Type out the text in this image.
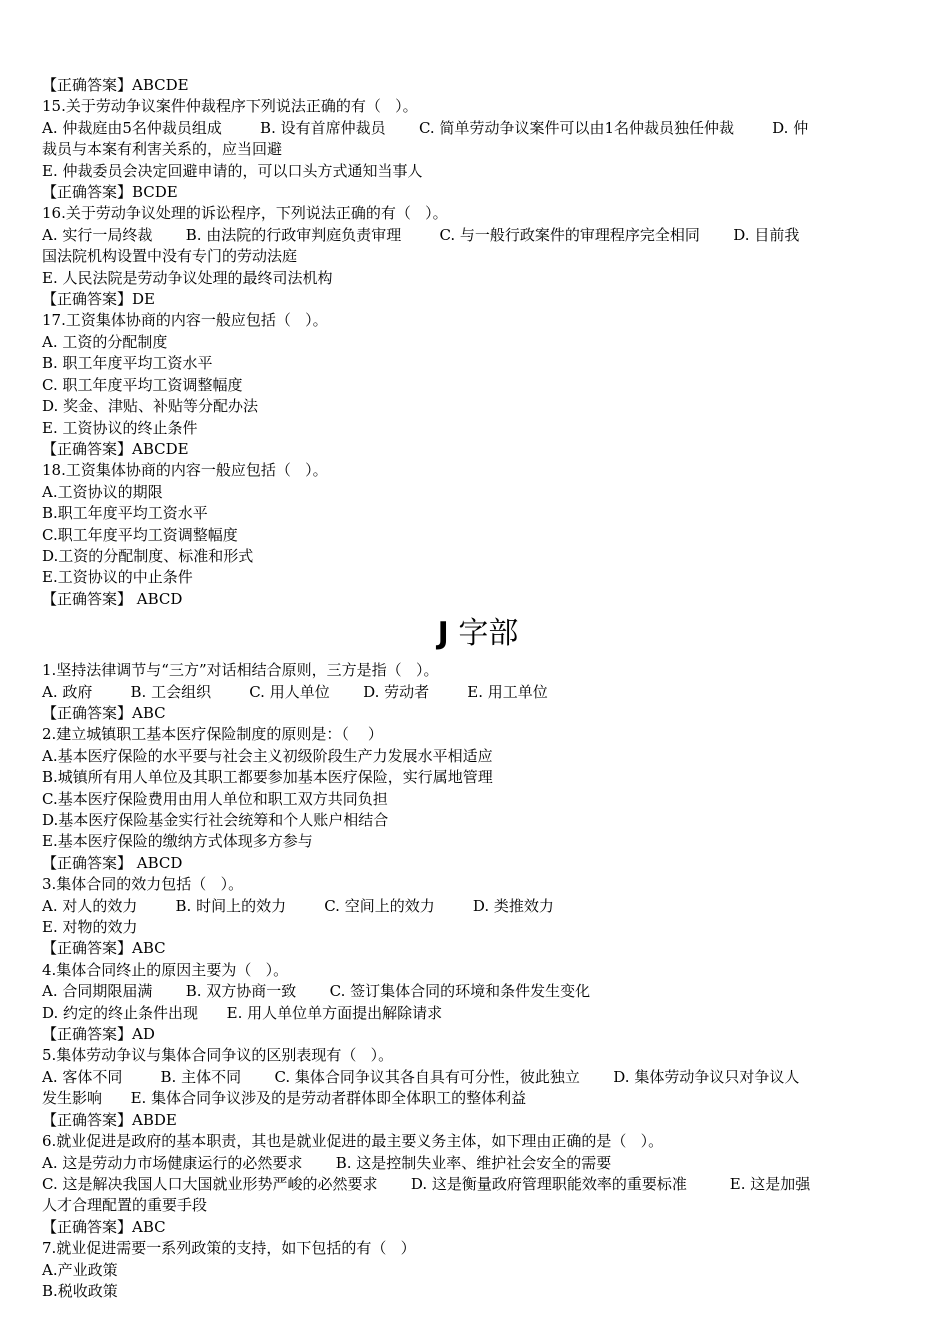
【正确答案】ABCDE
15.关于劳动争议案件仲裁程序下列说法正确的有（   ）。
A. 仲裁庭由5名仲裁员组成        B. 设有首席仲裁员       C. 简单劳动争议案件可以由1名仲裁员独任仲裁        D. 仲
裁员与本案有利害关系的，应当回避
E. 仲裁委员会决定回避申请的，可以口头方式通知当事人
【正确答案】BCDE
16.关于劳动争议处理的诉讼程序，下列说法正确的有（   ）。
A. 实行一局终裁       B. 由法院的行政审判庭负责审理        C. 与一般行政案件的审理程序完全相同       D. 目前我
国法院机构设置中没有专门的劳动法庭
E. 人民法院是劳动争议处理的最终司法机构
【正确答案】DE
17.工资集体协商的内容一般应包括（   ）。
A. 工资的分配制度
B. 职工年度平均工资水平
C. 职工年度平均工资调整幅度
D. 奖金、津贴、补贴等分配办法
E. 工资协议的终止条件
【正确答案】ABCDE
18.工资集体协商的内容一般应包括（   ）。
A.工资协议的期限
B.职工年度平均工资水平
C.职工年度平均工资调整幅度
D.工资的分配制度、标准和形式
E.工资协议的中止条件
【正确答案】 ABCD
J 字部
1.坚持法律调节与“三方”对话相结合原则，三方是指（   ）。
A. 政府        B. 工会组织        C. 用人单位       D. 劳动者        E. 用工单位
【正确答案】ABC
2.建立城镇职工基本医疗保险制度的原则是：（    ）
A.基本医疗保险的水平要与社会主义初级阶段生产力发展水平相适应
B.城镇所有用人单位及其职工都要参加基本医疗保险，实行属地管理
C.基本医疗保险费用由用人单位和职工双方共同负担
D.基本医疗保险基金实行社会统筹和个人账户相结合
E.基本医疗保险的缴纳方式体现多方参与
【正确答案】 ABCD
3.集体合同的效力包括（   ）。
A. 对人的效力        B. 时间上的效力        C. 空间上的效力        D. 类推效力
E. 对物的效力
【正确答案】ABC
4.集体合同终止的原因主要为（   ）。
A. 合同期限届满       B. 双方协商一致       C. 签订集体合同的环境和条件发生变化
D. 约定的终止条件出现      E. 用人单位单方面提出解除请求
【正确答案】AD
5.集体劳动争议与集体合同争议的区别表现有（   ）。
A. 客体不同        B. 主体不同       C. 集体合同争议其各自具有可分性，彼此独立       D. 集体劳动争议只对争议人
发生影响      E. 集体合同争议涉及的是劳动者群体即全体职工的整体利益
【正确答案】ABDE
6.就业促进是政府的基本职责，其也是就业促进的最主要义务主体，如下理由正确的是（   ）。
A. 这是劳动力市场健康运行的必然要求       B. 这是控制失业率、维护社会安全的需要
C. 这是解决我国人口大国就业形势严峻的必然要求       D. 这是衡量政府管理职能效率的重要标准         E. 这是加强
人才合理配置的重要手段
【正确答案】ABC
7.就业促进需要一系列政策的支持，如下包括的有（   ）
A.产业政策
B.税收政策
